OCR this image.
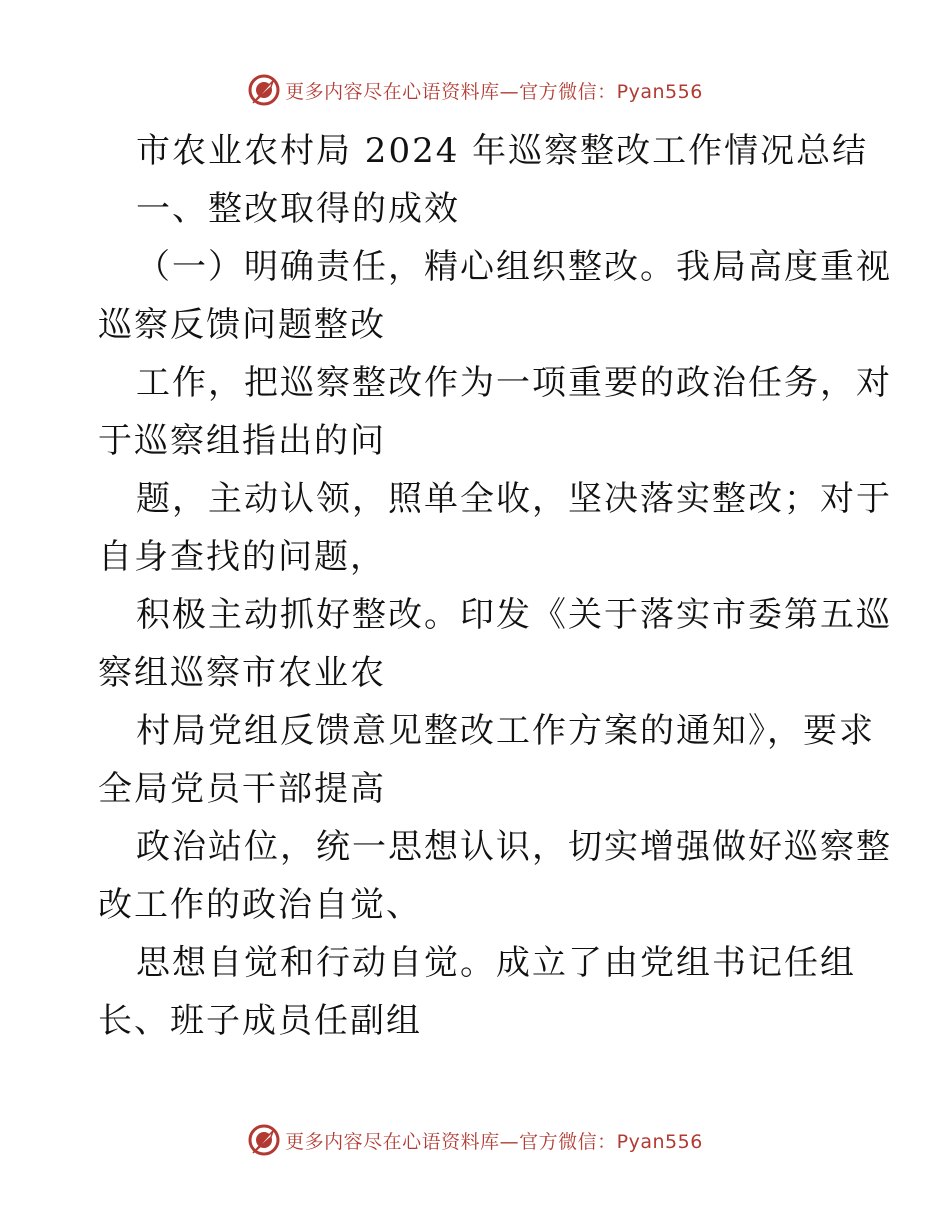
更多内容尽在心语资料库—官方微信：Pyan556
市农业农村局 2024 年巡察整改工作情况总结
一、整改取得的成效
（一）明确责任，精心组织整改。我局高度重视
巡察反馈问题整改
工作，把巡察整改作为一项重要的政治任务，对
于巡察组指出的问
题，主动认领，照单全收，坚决落实整改；对于
自身查找的问题，
积极主动抓好整改。印发《关于落实市委第五巡
察组巡察市农业农
村局党组反馈意见整改工作方案的通知》，要求
全局党员干部提高
政治站位，统一思想认识，切实增强做好巡察整
改工作的政治自觉、
思想自觉和行动自觉。成立了由党组书记任组
长、班子成员任副组
更多内容尽在心语资料库—官方微信：Pyan556
